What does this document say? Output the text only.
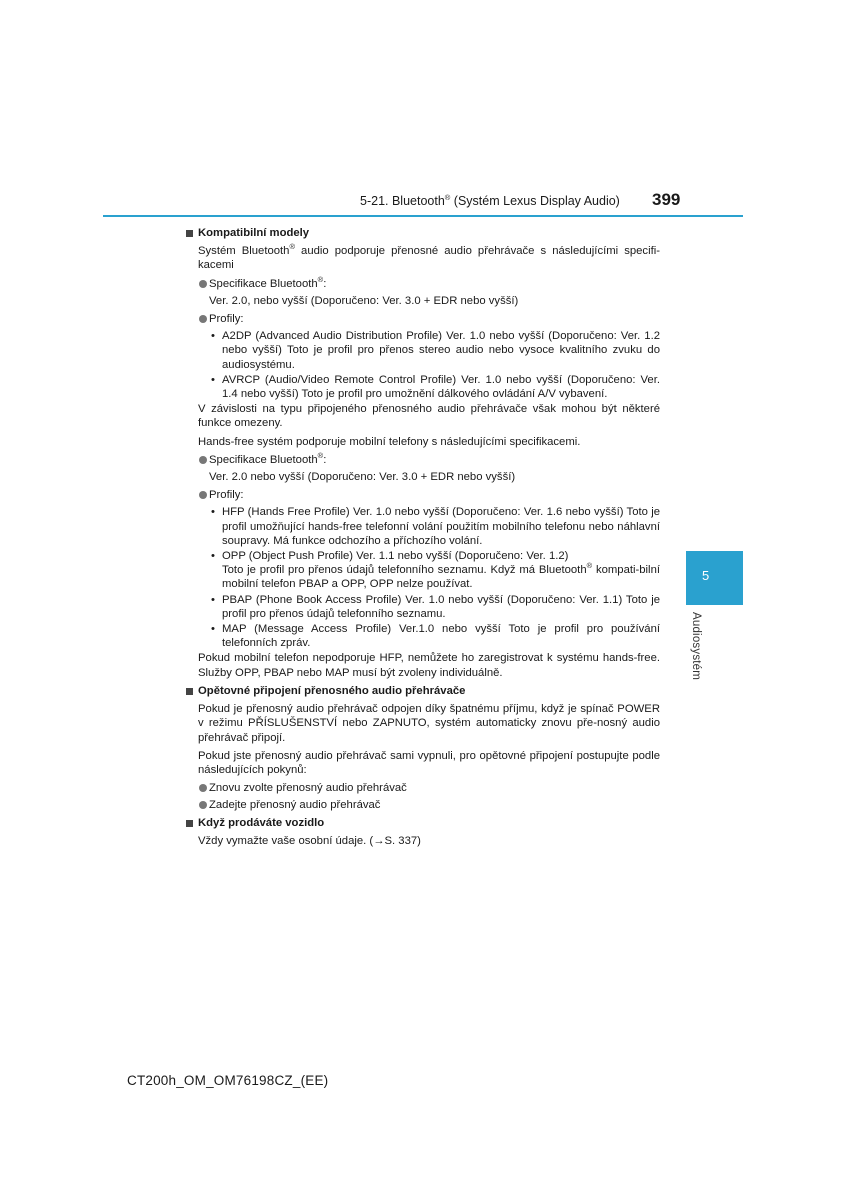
5-21. Bluetooth® (Systém Lexus Display Audio) 399
5
Audiosystém
Kompatibilní modely
Systém Bluetooth® audio podporuje přenosné audio přehrávače s následujícími specifi-kacemi
Specifikace Bluetooth®:
Ver. 2.0, nebo vyšší (Doporučeno: Ver. 3.0 + EDR nebo vyšší)
Profily:
• A2DP (Advanced Audio Distribution Profile) Ver. 1.0 nebo vyšší (Doporučeno: Ver. 1.2 nebo vyšší) Toto je profil pro přenos stereo audio nebo vysoce kvalitního zvuku do audiosystému.
• AVRCP (Audio/Video Remote Control Profile) Ver. 1.0 nebo vyšší (Doporučeno: Ver. 1.4 nebo vyšší) Toto je profil pro umožnění dálkového ovládání A/V vybavení.
V závislosti na typu připojeného přenosného audio přehrávače však mohou být některé funkce omezeny.
Hands-free systém podporuje mobilní telefony s následujícími specifikacemi.
Specifikace Bluetooth®:
Ver. 2.0 nebo vyšší (Doporučeno: Ver. 3.0 + EDR nebo vyšší)
Profily:
• HFP (Hands Free Profile) Ver. 1.0 nebo vyšší (Doporučeno: Ver. 1.6 nebo vyšší) Toto je profil umožňující hands-free telefonní volání použitím mobilního telefonu nebo náhlavní soupravy. Má funkce odchozího a příchozího volání.
• OPP (Object Push Profile) Ver. 1.1 nebo vyšší (Doporučeno: Ver. 1.2)
Toto je profil pro přenos údajů telefonního seznamu. Když má Bluetooth® kompati-bilní mobilní telefon PBAP a OPP, OPP nelze používat.
• PBAP (Phone Book Access Profile) Ver. 1.0 nebo vyšší (Doporučeno: Ver. 1.1) Toto je profil pro přenos údajů telefonního seznamu.
• MAP (Message Access Profile) Ver.1.0 nebo vyšší Toto je profil pro používání telefonních zpráv.
Pokud mobilní telefon nepodporuje HFP, nemůžete ho zaregistrovat k systému hands-free. Služby OPP, PBAP nebo MAP musí být zvoleny individuálně.
Opětovné připojení přenosného audio přehrávače
Pokud je přenosný audio přehrávač odpojen díky špatnému příjmu, když je spínač POWER v režimu PŘÍSLUŠENSTVÍ nebo ZAPNUTO, systém automaticky znovu pře-nosný audio přehrávač připojí.
Pokud jste přenosný audio přehrávač sami vypnuli, pro opětovné připojení postupujte podle následujících pokynů:
Znovu zvolte přenosný audio přehrávač
Zadejte přenosný audio přehrávač
Když prodáváte vozidlo
Vždy vymažte vaše osobní údaje. (→S. 337)
CT200h_OM_OM76198CZ_(EE)
